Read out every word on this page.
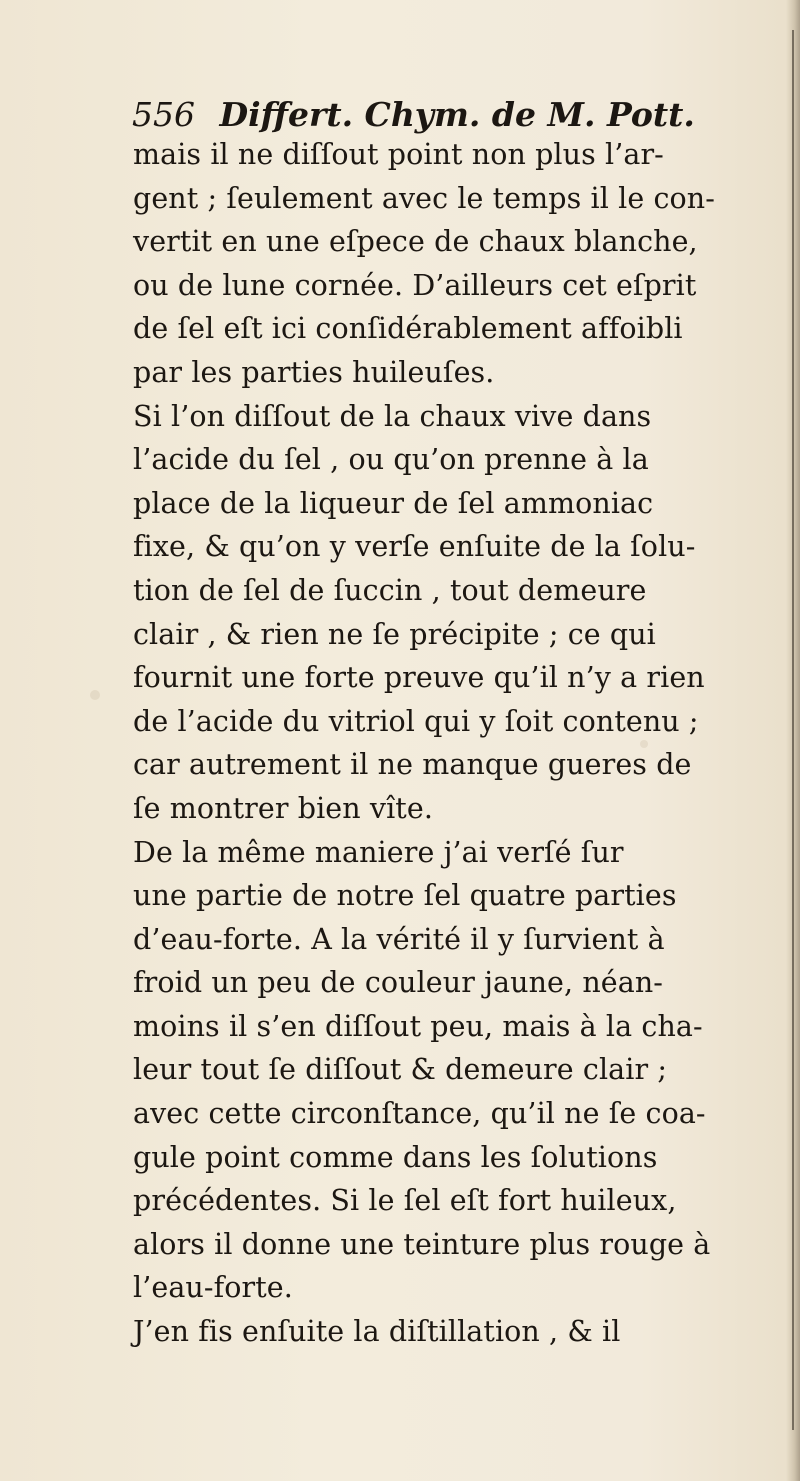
556 Differt. Chym. de M. Pott.
mais il ne diſſout point non plus l’ar-
gent ; ſeulement avec le temps il le con-
vertit en une eſpece de chaux blanche,
ou de lune cornée. D’ailleurs cet eſprit
de ſel eſt ici conſidérablement affoibli
par les parties huileuſes.
Si l’on diſſout de la chaux vive dans
l’acide du ſel , ou qu’on prenne à la
place de la liqueur de ſel ammoniac
fixe, & qu’on y verſe enſuite de la ſolu-
tion de ſel de ſuccin , tout demeure
clair , & rien ne ſe précipite ; ce qui
fournit une forte preuve qu’il n’y a rien
de l’acide du vitriol qui y ſoit contenu ;
car autrement il ne manque gueres de
ſe montrer bien vîte.
De la même maniere j’ai verſé ſur
une partie de notre ſel quatre parties
d’eau-forte. A la vérité il y ſurvient à
froid un peu de couleur jaune, néan-
moins il s’en diſſout peu, mais à la cha-
leur tout ſe diſſout & demeure clair ;
avec cette circonſtance, qu’il ne ſe coa-
gule point comme dans les ſolutions
précédentes. Si le ſel eſt fort huileux,
alors il donne une teinture plus rouge à
l’eau-forte.
J’en fis enſuite la diſtillation , & il
